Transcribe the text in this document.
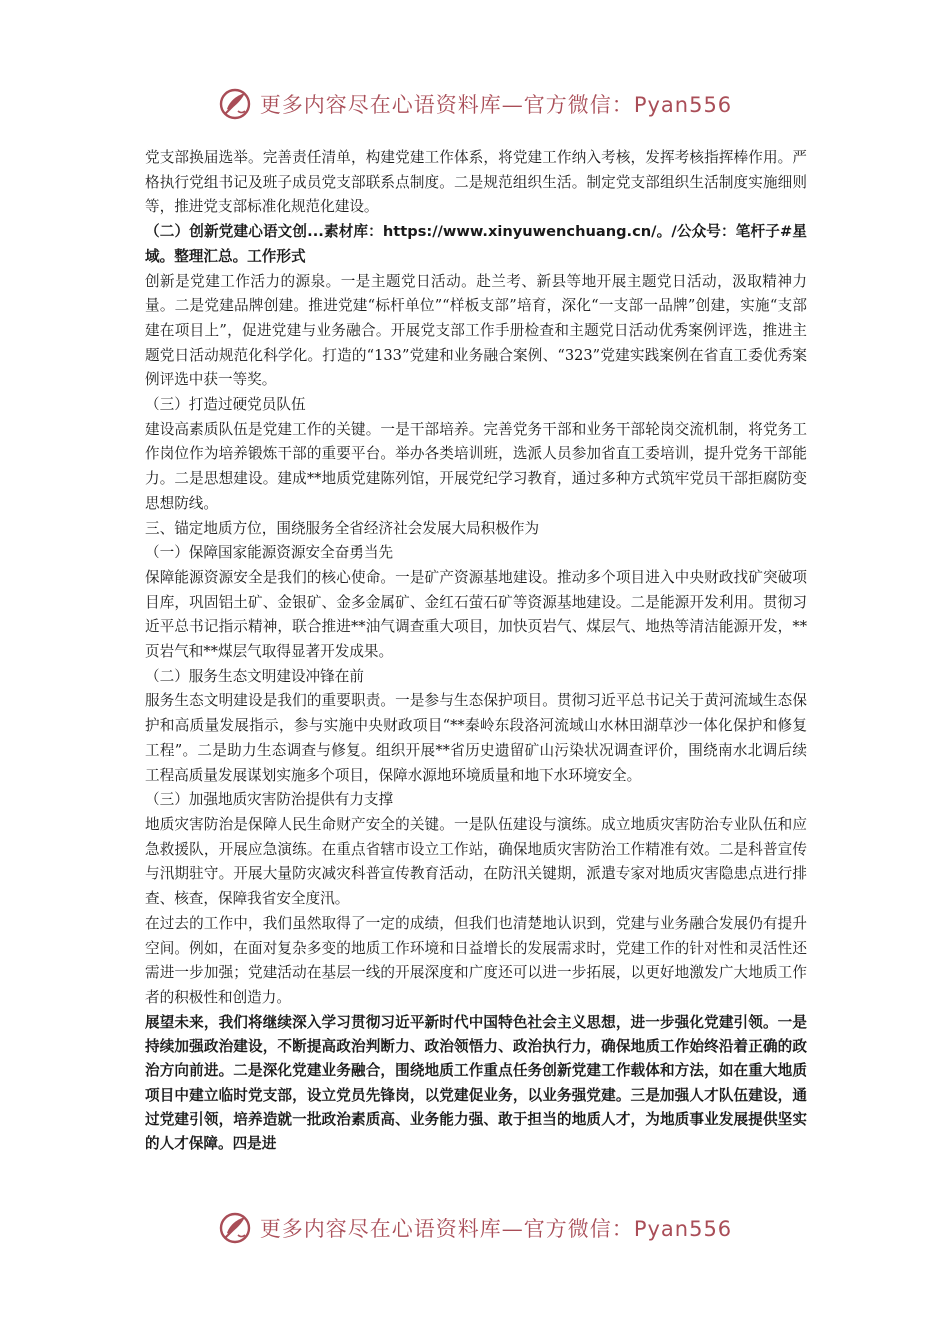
更多内容尽在心语资料库—官方微信：Pyan556

党支部换届选举。完善责任清单，构建党建工作体系，将党建工作纳入考核，发挥考核指挥棒作用。严格执行党组书记及班子成员党支部联系点制度。二是规范组织生活。制定党支部组织生活制度实施细则等，推进党支部标准化规范化建设。

（二）创新党建心语文创...素材库：https://www.xinyuwenchuang.cn/。/公众号：笔杆子#星域。整理汇总。工作形式

创新是党建工作活力的源泉。一是主题党日活动。赴兰考、新县等地开展主题党日活动，汲取精神力量。二是党建品牌创建。推进党建“标杆单位”“样板支部”培育，深化“一支部一品牌”创建，实施“支部建在项目上”，促进党建与业务融合。开展党支部工作手册检查和主题党日活动优秀案例评选，推进主题党日活动规范化科学化。打造的“133”党建和业务融合案例、“323”党建实践案例在省直工委优秀案例评选中获一等奖。

（三）打造过硬党员队伍

建设高素质队伍是党建工作的关键。一是干部培养。完善党务干部和业务干部轮岗交流机制，将党务工作岗位作为培养锻炼干部的重要平台。举办各类培训班，选派人员参加省直工委培训，提升党务干部能力。二是思想建设。建成**地质党建陈列馆，开展党纪学习教育，通过多种方式筑牢党员干部拒腐防变思想防线。

三、锚定地质方位，围绕服务全省经济社会发展大局积极作为

（一）保障国家能源资源安全奋勇当先

保障能源资源安全是我们的核心使命。一是矿产资源基地建设。推动多个项目进入中央财政找矿突破项目库，巩固铝土矿、金银矿、金多金属矿、金红石萤石矿等资源基地建设。二是能源开发利用。贯彻习近平总书记指示精神，联合推进**油气调查重大项目，加快页岩气、煤层气、地热等清洁能源开发，**页岩气和**煤层气取得显著开发成果。

（二）服务生态文明建设冲锋在前

服务生态文明建设是我们的重要职责。一是参与生态保护项目。贯彻习近平总书记关于黄河流域生态保护和高质量发展指示，参与实施中央财政项目“**秦岭东段洛河流域山水林田湖草沙一体化保护和修复工程”。二是助力生态调查与修复。组织开展**省历史遗留矿山污染状况调查评价，围绕南水北调后续工程高质量发展谋划实施多个项目，保障水源地环境质量和地下水环境安全。

（三）加强地质灾害防治提供有力支撑

地质灾害防治是保障人民生命财产安全的关键。一是队伍建设与演练。成立地质灾害防治专业队伍和应急救援队，开展应急演练。在重点省辖市设立工作站，确保地质灾害防治工作精准有效。二是科普宣传与汛期驻守。开展大量防灾减灾科普宣传教育活动，在防汛关键期，派遣专家对地质灾害隐患点进行排查、核查，保障我省安全度汛。

在过去的工作中，我们虽然取得了一定的成绩，但我们也清楚地认识到，党建与业务融合发展仍有提升空间。例如，在面对复杂多变的地质工作环境和日益增长的发展需求时，党建工作的针对性和灵活性还需进一步加强；党建活动在基层一线的开展深度和广度还可以进一步拓展，以更好地激发广大地质工作者的积极性和创造力。

展望未来，我们将继续深入学习贯彻习近平新时代中国特色社会主义思想，进一步强化党建引领。一是持续加强政治建设，不断提高政治判断力、政治领悟力、政治执行力，确保地质工作始终沿着正确的政治方向前进。二是深化党建业务融合，围绕地质工作重点任务创新党建工作载体和方法，如在重大地质项目中建立临时党支部，设立党员先锋岗，以党建促业务，以业务强党建。三是加强人才队伍建设，通过党建引领，培养造就一批政治素质高、业务能力强、敢于担当的地质人才，为地质事业发展提供坚实的人才保障。四是进

更多内容尽在心语资料库—官方微信：Pyan556
